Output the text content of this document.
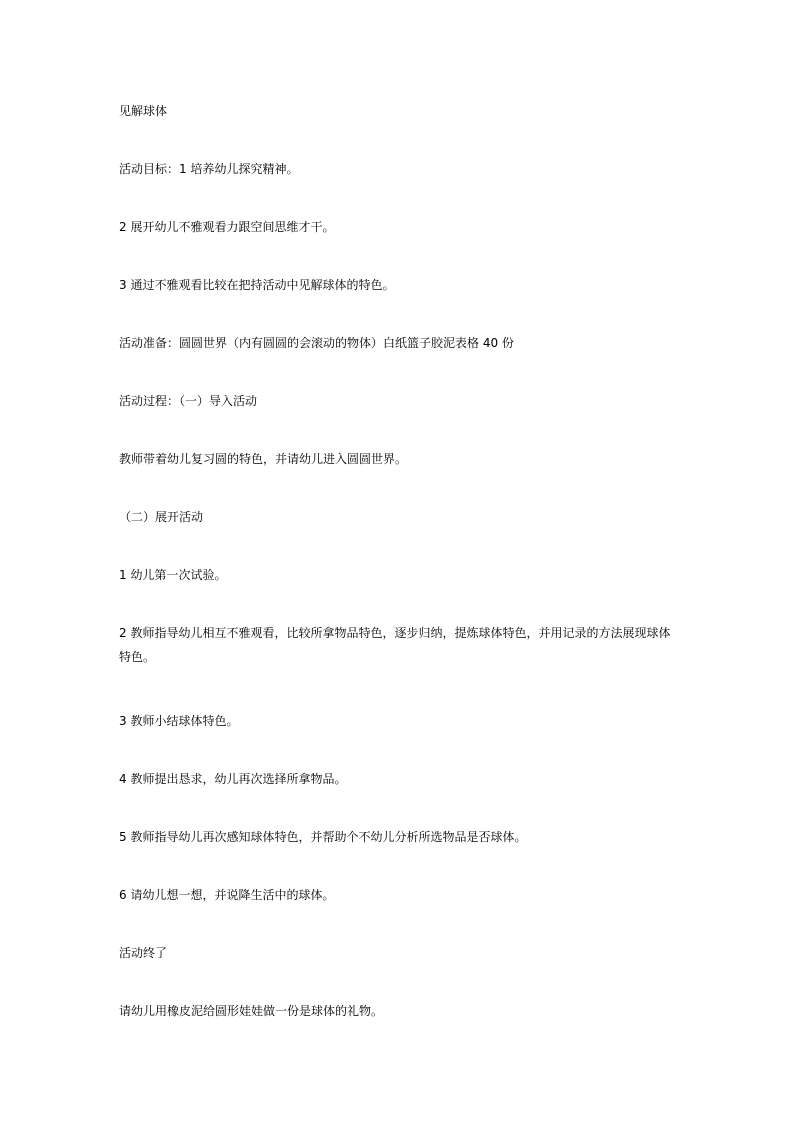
见解球体

活动目标：1 培养幼儿探究精神。

2 展开幼儿不雅观看力跟空间思维才干。

3 通过不雅观看比较在把持活动中见解球体的特色。

活动准备：圆圆世界（内有圆圆的会滚动的物体）白纸篮子胶泥表格 40 份

活动过程：（一）导入活动

教师带着幼儿复习圆的特色，并请幼儿进入圆圆世界。

（二）展开活动

1 幼儿第一次试验。

2 教师指导幼儿相互不雅观看，比较所拿物品特色，逐步归纳，提炼球体特色，并用记录的方法展现球体特色。

3 教师小结球体特色。

4 教师提出恳求，幼儿再次选择所拿物品。

5 教师指导幼儿再次感知球体特色，并帮助个不幼儿分析所选物品是否球体。

6 请幼儿想一想，并说降生活中的球体。

活动终了

请幼儿用橡皮泥给圆形娃娃做一份是球体的礼物。
